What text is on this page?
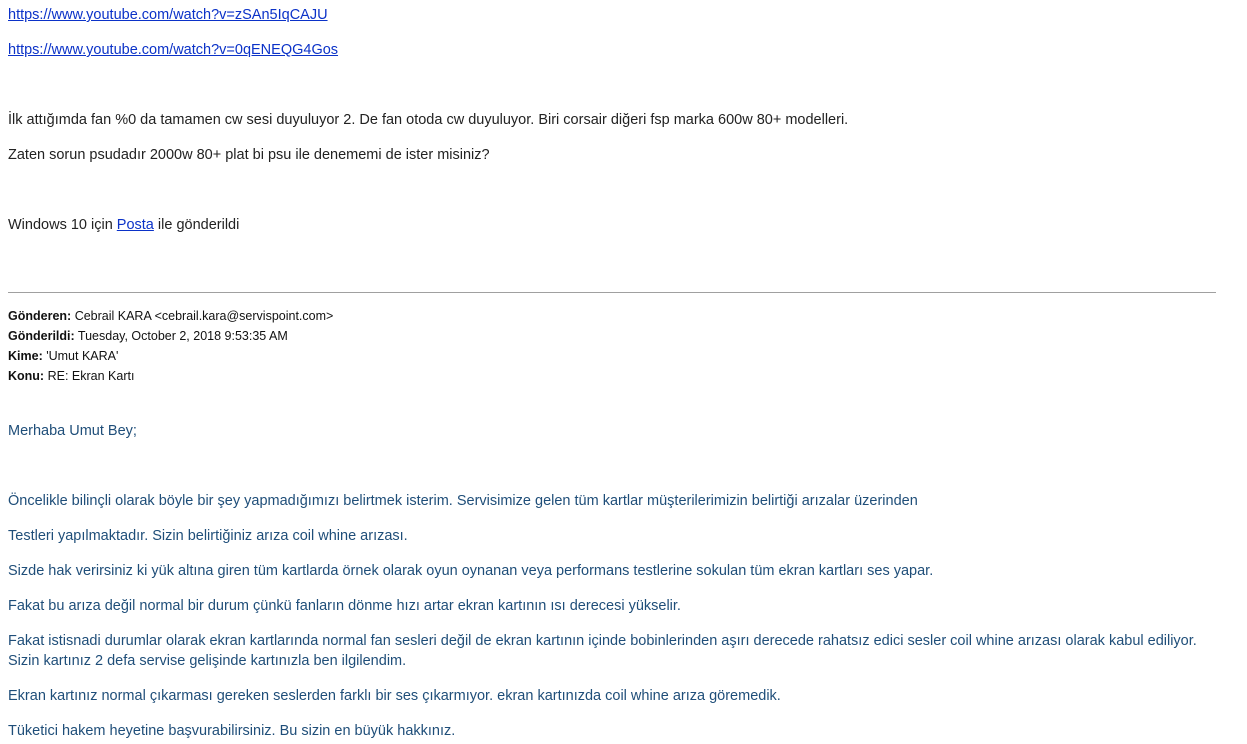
https://www.youtube.com/watch?v=zSAn5IqCAJU
https://www.youtube.com/watch?v=0qENEQG4Gos
İlk attığımda fan %0 da tamamen cw sesi duyuluyor 2. De fan otoda cw duyuluyor. Biri corsair diğeri fsp marka 600w 80+ modelleri.
Zaten sorun psudadır 2000w 80+ plat bi psu ile denememi de ister misiniz?
Windows 10 için Posta ile gönderildi
Gönderen: Cebrail KARA <cebrail.kara@servispoint.com>
Gönderildi: Tuesday, October 2, 2018 9:53:35 AM
Kime: 'Umut KARA'
Konu: RE: Ekran Kartı
Merhaba Umut Bey;
Öncelikle bilinçli olarak böyle bir şey yapmadığımızı belirtmek isterim. Servisimize gelen tüm kartlar müşterilerimizin belirtiği arızalar üzerinden
Testleri yapılmaktadır. Sizin belirtiğiniz arıza coil whine arızası.
Sizde hak verirsiniz ki yük altına giren tüm kartlarda örnek olarak oyun oynanan veya performans testlerine sokulan tüm ekran kartları ses yapar.
Fakat bu arıza değil normal bir durum çünkü fanların dönme hızı artar ekran kartının ısı derecesi yükselir.
Fakat istisnadi durumlar olarak ekran kartlarında normal fan sesleri değil de ekran kartının içinde bobinlerinden aşırı derecede rahatsız edici sesler coil whine arızası olarak kabul ediliyor.
Sizin kartınız 2 defa servise gelişinde kartınızla ben ilgilendim.
Ekran kartınız normal çıkarması gereken seslerden farklı bir ses çıkarmıyor. ekran kartınızda coil whine arıza göremedik.
Tüketici hakem heyetine başvurabilirsiniz. Bu sizin en büyük hakkınız.
